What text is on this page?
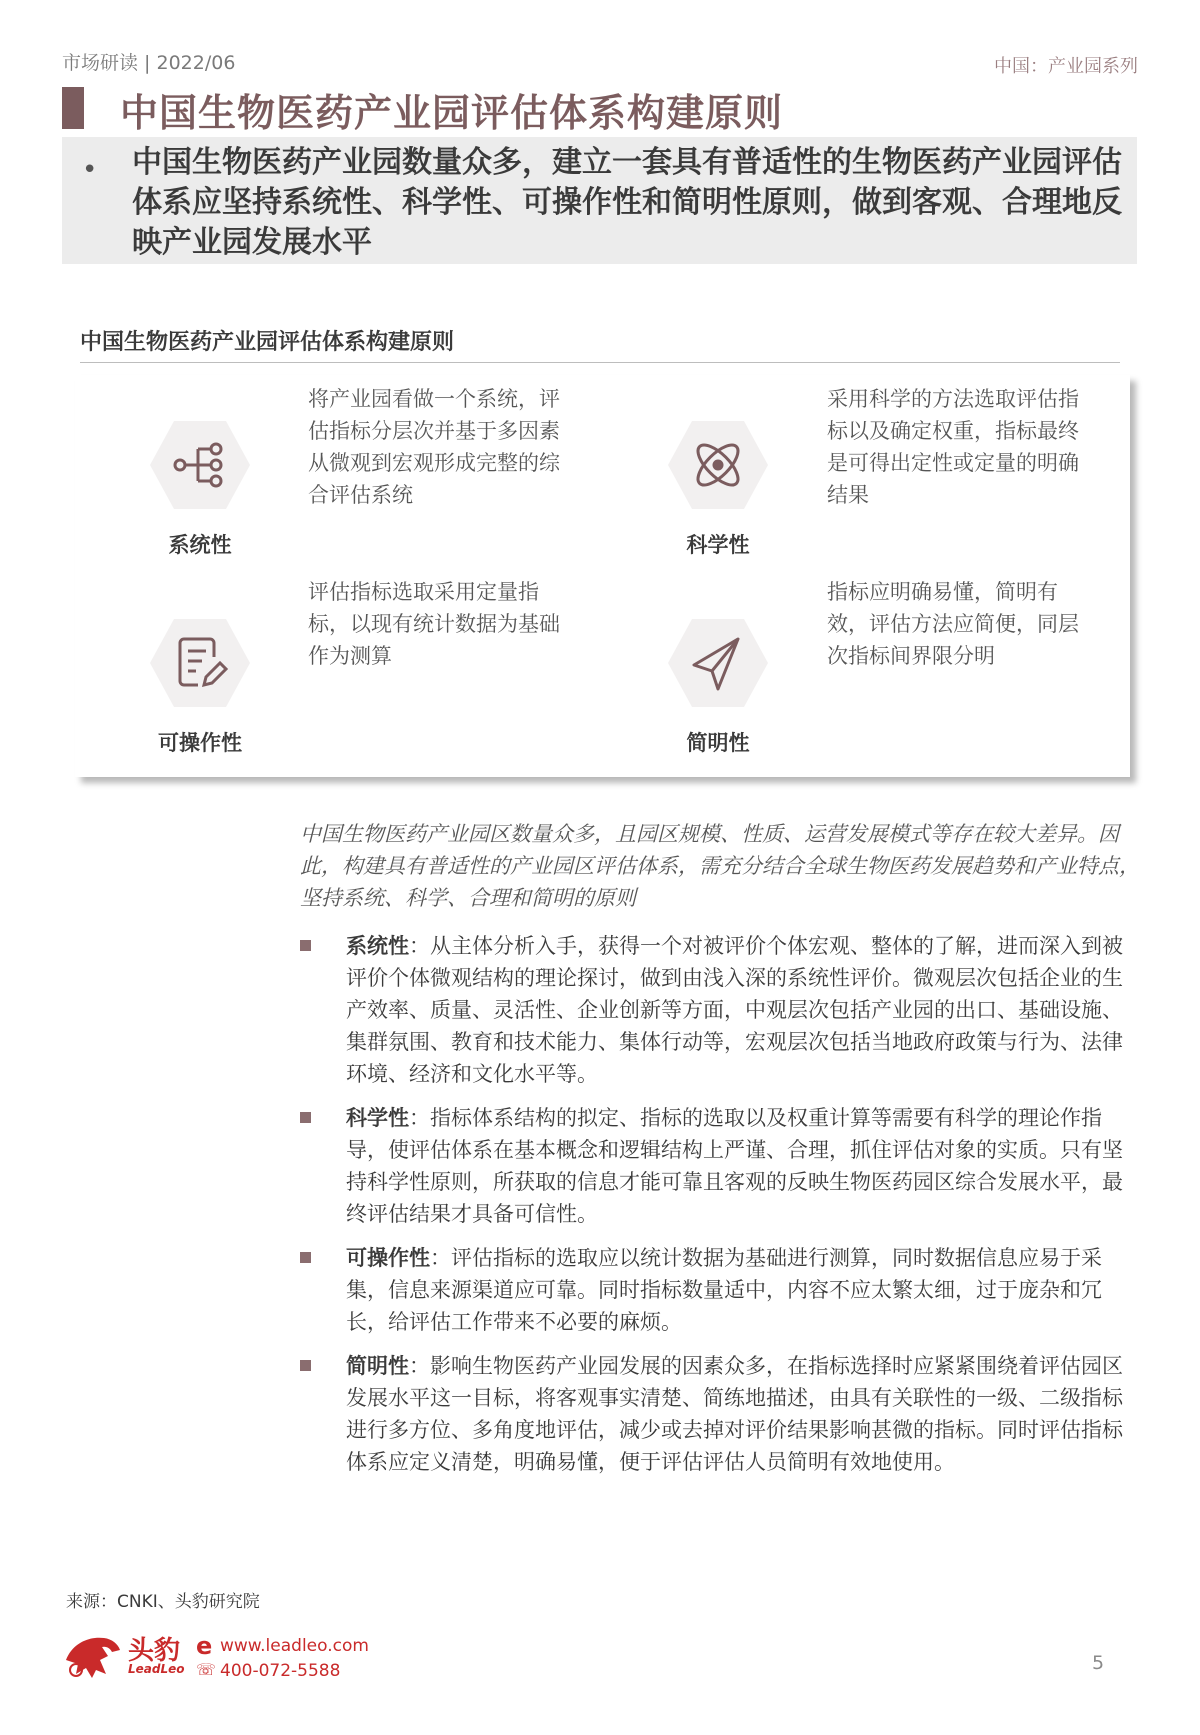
市场研读 | 2022/06	中国：产业园系列
中国生物医药产业园评估体系构建原则
• 中国生物医药产业园数量众多，建立一套具有普适性的生物医药产业园评估体系应坚持系统性、科学性、可操作性和简明性原则，做到客观、合理地反映产业园发展水平
中国生物医药产业园评估体系构建原则
系统性
将产业园看做一个系统，评估指标分层次并基于多因素从微观到宏观形成完整的综合评估系统
科学性
采用科学的方法选取评估指标以及确定权重，指标最终是可得出定性或定量的明确结果
可操作性
评估指标选取采用定量指标，以现有统计数据为基础作为测算
简明性
指标应明确易懂，简明有效，评估方法应简便，同层次指标间界限分明
中国生物医药产业园区数量众多，且园区规模、性质、运营发展模式等存在较大差异。因此，构建具有普适性的产业园区评估体系，需充分结合全球生物医药发展趋势和产业特点，坚持系统、科学、合理和简明的原则
系统性：从主体分析入手，获得一个对被评价个体宏观、整体的了解，进而深入到被评价个体微观结构的理论探讨，做到由浅入深的系统性评价。微观层次包括企业的生产效率、质量、灵活性、企业创新等方面，中观层次包括产业园的出口、基础设施、集群氛围、教育和技术能力、集体行动等，宏观层次包括当地政府政策与行为、法律环境、经济和文化水平等。
科学性：指标体系结构的拟定、指标的选取以及权重计算等需要有科学的理论作指导，使评估体系在基本概念和逻辑结构上严谨、合理，抓住评估对象的实质。只有坚持科学性原则，所获取的信息才能可靠且客观的反映生物医药园区综合发展水平，最终评估结果才具备可信性。
可操作性：评估指标的选取应以统计数据为基础进行测算，同时数据信息应易于采集，信息来源渠道应可靠。同时指标数量适中，内容不应太繁太细，过于庞杂和冗长，给评估工作带来不必要的麻烦。
简明性：影响生物医药产业园发展的因素众多，在指标选择时应紧紧围绕着评估园区发展水平这一目标，将客观事实清楚、简练地描述，由具有关联性的一级、二级指标进行多方位、多角度地评估，减少或去掉对评价结果影响甚微的指标。同时评估指标体系应定义清楚，明确易懂，便于评估评估人员简明有效地使用。
来源：CNKI、头豹研究院
头豹
LeadLeo
e www.leadleo.com
☏ 400-072-5588	5
